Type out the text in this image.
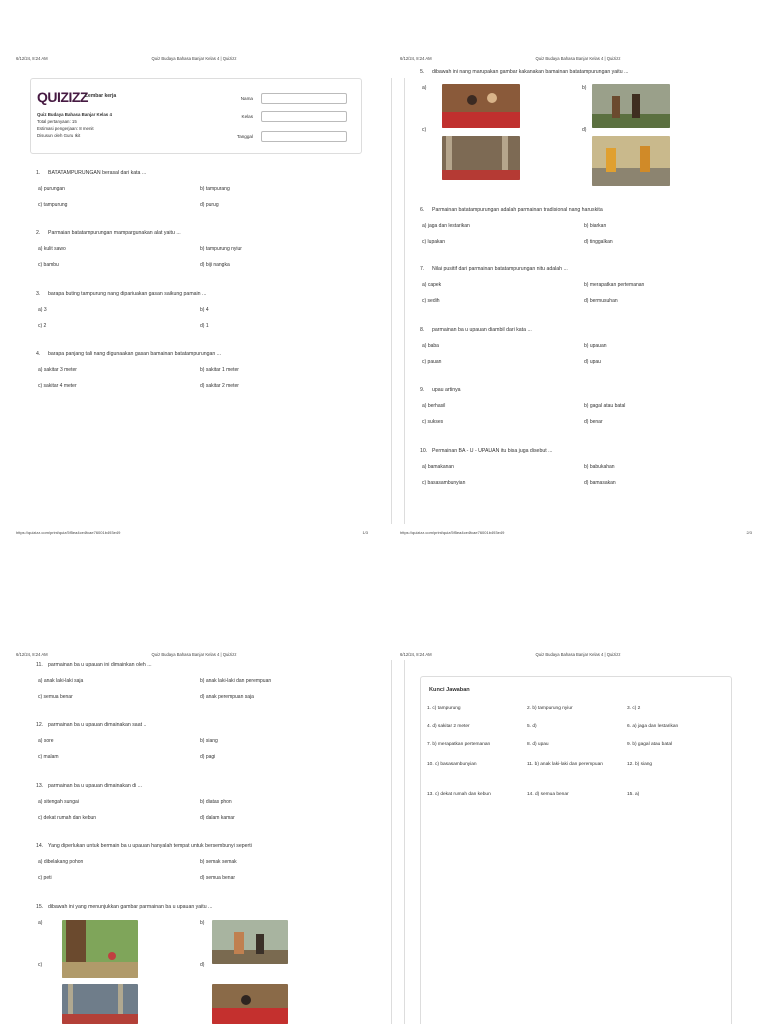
6/12/24, 8:24 AM	Quiz Budaya Bahasa Banjar Kelas 4 | Quizizz
QUIZIZZ
Lembar kerja
Quiz Budaya Bahasa Banjar Kelas 4
Total pertanyaan: 15
Estimasi pengerjaan: 8 menit
Disusun oleh Guru Ikit
Nama
Kelas
Tanggal
1. BATATAMPURUNGAN berasal dari kata ...
a) purungan	b) tampurang
c) tampurung	d) purug
2. Parmaian batatampurungan mampargunakan alat yaitu ...
a) kulit sawo	b) tampurung nyiur
c) bambu	d) biji nangka
3. barapa buting tampurung nang dipariuakan gasan saikung pamain ...
a) 3	b) 4
c) 2	d) 1
4. barapa panjang tali nang digunaakan gasan bamainan batatampurungan ...
a) sakitar 3 meter	b) sakitar 1 meter
c) sakitar 4 meter	d) sakitar 2 meter
https://quizizz.com/print/quiz/5f5ea4ce4fcae76001b493e49	1/3
6/12/24, 8:24 AM	Quiz Budaya Bahasa Banjar Kelas 4 | Quizizz
5. dibawah ini nang marupakan gambar kakanakan bamainan batatampurungan yaitu ...
a)	b)
c)	d)
6. Parmainan batatampurungan adalah parmainan tradisional nang haruskita
a) jaga dan lestarikan	b) biarkan
c) lupakan	d) tinggalkan
7. Nilai pusitif dari parmainan batatampurungan nitu adalah ...
a) capek	b) merapatkan pertemanan
c) sedih	d) bermusuhan
8. parmainan ba u upauan diambil dari kata ...
a) baba	b) upauan
c) pauan	d) upau
9. upau artinya
a) berhasil	b) gagal atau batal
c) sukses	d) benar
10. Permainan BA - U - UPAUAN itu bisa juga disebut ...
a) bamakanan	b) babukahan
c) basasambunyian	d) bamasakan
https://quizizz.com/print/quiz/5f5ea4ce4fcae76001b493e49	2/3
6/12/24, 8:24 AM	Quiz Budaya Bahasa Banjar Kelas 4 | Quizizz
11. parmainan ba u upauan ini dimainkan oleh ...
a) anak laki-laki saja	b) anak laki-laki dan perempuan
c) semua benar	d) anak perempuan saja
12. parmainan ba u upauan dimainakan saat ..
a) sore	b) siang
c) malam	d) pagi
13. parmainan ba u upauan dimainakan di ...
a) sitengah sungai	b) diatas phon
c) dekat rumah dan kebun	d) dalam kamar
14. Yang diperlukan untuk bermain ba u upauan hanyalah tempat untuk bersembunyi seperti
a) dibelakang pohon	b) semak semak
c) peti	d) semua benar
15. dibawah ini yang menunjukkan gambar parmainan ba u upauan yaitu ...
a)	b)
c)	d)
6/12/24, 8:24 AM	Quiz Budaya Bahasa Banjar Kelas 4 | Quizizz
Kunci Jawaban
1. c) tampurung	2. b) tampurung nyiur	3. c) 2
4. d) sakitar 2 meter	5. d)	6. a) jaga dan lestarikan
7. b) merapatkan pertemanan	8. d) upau	9. b) gagal atau batal
10. c) basasambunyian	11. b) anak laki-laki dan perempuan	12. b) siang
13. c) dekat rumah dan kebun	14. d) semua benar	15. a)
